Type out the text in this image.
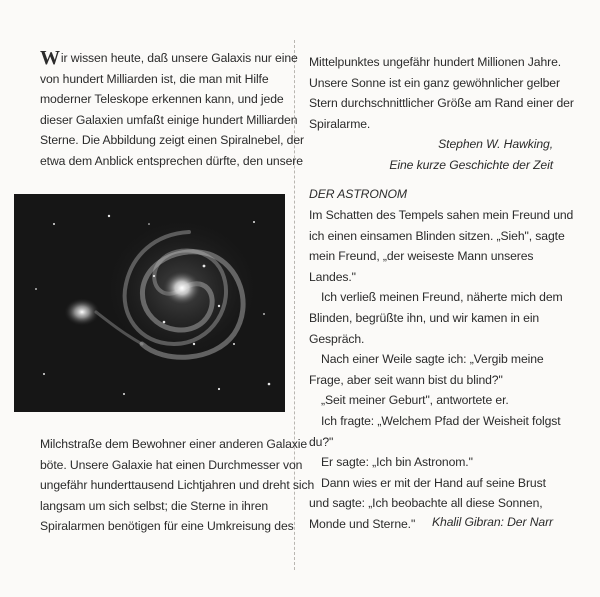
Wir wissen heute, daß unsere Galaxis nur eine
von hundert Milliarden ist, die man mit Hilfe
moderner Teleskope erkennen kann, und jede
dieser Galaxien umfaßt einige hundert Milliarden
Sterne. Die Abbildung zeigt einen Spiralnebel, der
etwa dem Anblick entsprechen dürfte, den unsere
Milchstraße dem Bewohner einer anderen Galaxie
böte. Unsere Galaxie hat einen Durchmesser von
ungefähr hunderttausend Lichtjahren und dreht sich
langsam um sich selbst; die Sterne in ihren
Spiralarmen benötigen für eine Umkreisung des
Mittelpunktes ungefähr hundert Millionen Jahre.
Unsere Sonne ist ein ganz gewöhnlicher gelber
Stern durchschnittlicher Größe am Rand einer der
Spiralarme.
Stephen W. Hawking,
Eine kurze Geschichte der Zeit
DER ASTRONOM
Im Schatten des Tempels sahen mein Freund und
ich einen einsamen Blinden sitzen. „Sieh", sagte
mein Freund, „der weiseste Mann unseres
Landes."
Ich verließ meinen Freund, näherte mich dem
Blinden, begrüßte ihn, und wir kamen in ein
Gespräch.
Nach einer Weile sagte ich: „Vergib meine
Frage, aber seit wann bist du blind?"
„Seit meiner Geburt", antwortete er.
Ich fragte: „Welchem Pfad der Weisheit folgst
du?"
Er sagte: „Ich bin Astronom."
Dann wies er mit der Hand auf seine Brust
und sagte: „Ich beobachte all diese Sonnen,
Monde und Sterne."	Khalil Gibran: Der Narr
